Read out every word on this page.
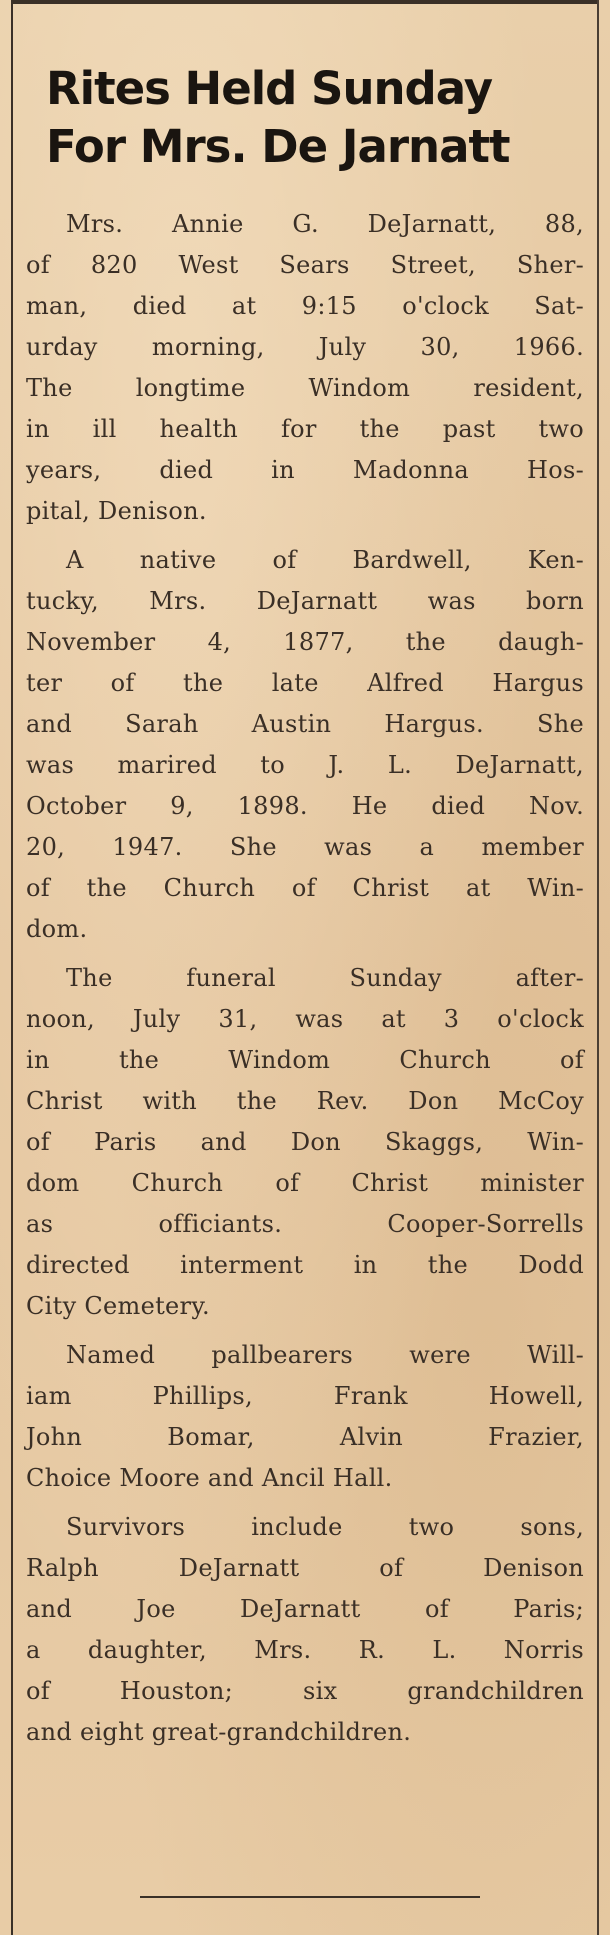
Rites Held Sunday
For Mrs. De Jarnatt

Mrs. Annie G. DeJarnatt, 88,
of 820 West Sears Street, Sher-
man, died at 9:15 o'clock Sat-
urday morning, July 30, 1966.
The longtime Windom resident,
in ill health for the past two
years, died in Madonna Hos-
pital, Denison.

A native of Bardwell, Ken-
tucky, Mrs. DeJarnatt was born
November 4, 1877, the daugh-
ter of the late Alfred Hargus
and Sarah Austin Hargus. She
was marired to J. L. DeJarnatt,
October 9, 1898. He died Nov.
20, 1947. She was a member
of the Church of Christ at Win-
dom.

The funeral Sunday after-
noon, July 31, was at 3 o'clock
in the Windom Church of
Christ with the Rev. Don McCoy
of Paris and Don Skaggs, Win-
dom Church of Christ minister
as officiants. Cooper-Sorrells
directed interment in the Dodd
City Cemetery.

Named pallbearers were Will-
iam Phillips, Frank Howell,
John Bomar, Alvin Frazier,
Choice Moore and Ancil Hall.

Survivors include two sons,
Ralph DeJarnatt of Denison
and Joe DeJarnatt of Paris;
a daughter, Mrs. R. L. Norris
of Houston; six grandchildren
and eight great-grandchildren.
